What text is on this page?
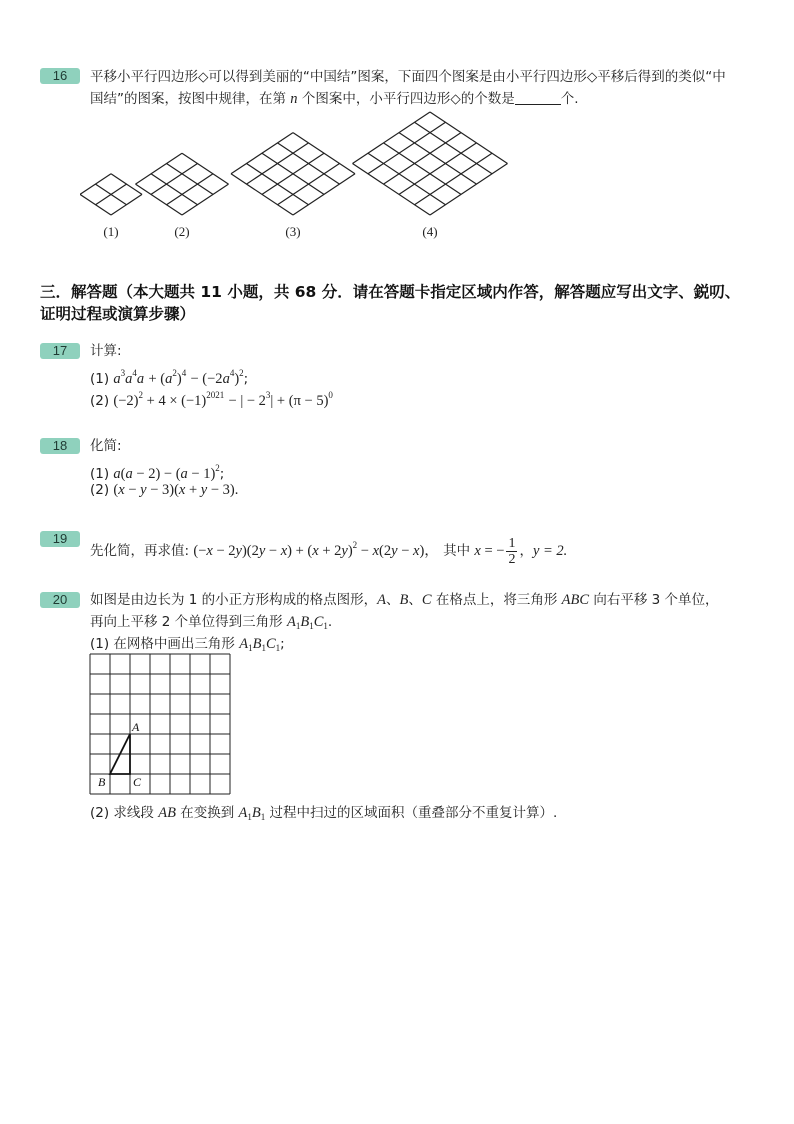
16	平移小平行四边形◇可以得到美丽的“中国结”图案，下面四个图案是由小平行四边形◇平移后得到的类似“中
国结”的图案，按图中规律，在第 n 个图案中，小平行四边形◇的个数是	个.
(1)	(2)	(3)	(4)
三．解答题（本大题共 11 小题，共 68 分．请在答题卡指定区域内作答，解答题应写出文字、鋭叨、
证明过程或演算步骤）
17	计算:
(1) $a^3a^4a + (a^2)^4 - (-2a^4)^2$;
(2) $(-2)^2 + 4 \times (-1)^{2021}$ − | − $2^3| + (\pi - 5)^0$
18	化简:
(1) $a(a - 2) - (a - 1)^2$;
(2) (x − y − 3)(x + y − 3).
19
先化简，再求值: $(-x - 2y)(2y - x) + (x + 2y)^2 - x(2y - x)$， 其中 x = − $\frac{1}{2}$ ，y = 2.
20	如图是由边长为 1 的小正方形构成的格点图形，A、B、C 在格点上，将三角形 ABC 向右平移 3 个单位，
再向上平移 2 个单位得到三角形 $A_1B_1C_1$.
(1) 在网格中画出三角形 $A_1B_1C_1$;
A
B C
(2) 求线段 AB 在变换到 $A_1B_1$ 过程中扫过的区域面积（重叠部分不重复计算）.
